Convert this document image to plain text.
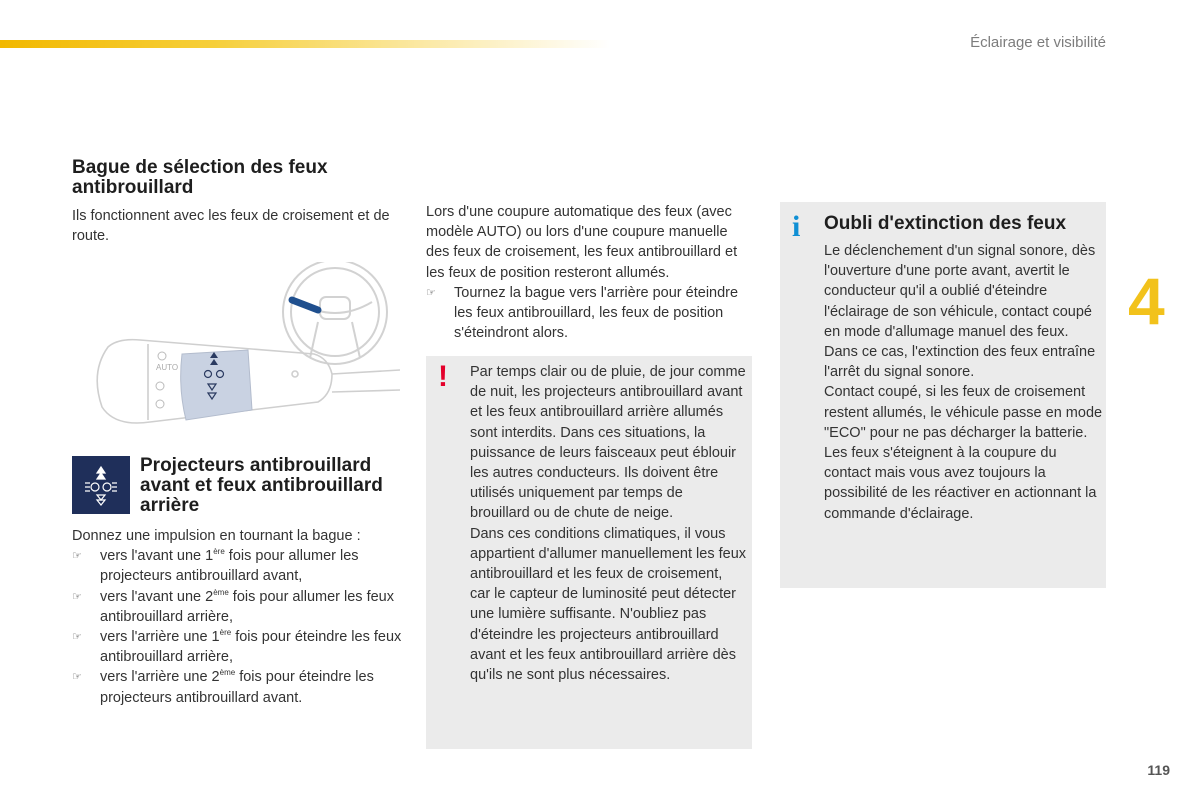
Éclairage et visibilité
4
119
Bague de sélection des feux antibrouillard

Ils fonctionnent avec les feux de croisement et de route.

AUTO
Projecteurs antibrouillard avant et feux antibrouillard arrière

Donnez une impulsion en tournant la bague :

☞ vers l'avant une 1ère fois pour allumer les projecteurs antibrouillard avant,
☞ vers l'avant une 2ème fois pour allumer les feux antibrouillard arrière,
☞ vers l'arrière une 1ère fois pour éteindre les feux antibrouillard arrière,
☞ vers l'arrière une 2ème fois pour éteindre les projecteurs antibrouillard avant.

Lors d'une coupure automatique des feux (avec modèle AUTO) ou lors d'une coupure manuelle des feux de croisement, les feux antibrouillard et les feux de position resteront allumés.

☞ Tournez la bague vers l'arrière pour éteindre les feux antibrouillard, les feux de position s'éteindront alors.
! Par temps clair ou de pluie, de jour comme de nuit, les projecteurs antibrouillard avant et les feux antibrouillard arrière allumés sont interdits. Dans ces situations, la puissance de leurs faisceaux peut éblouir les autres conducteurs. Ils doivent être utilisés uniquement par temps de brouillard ou de chute de neige.

Dans ces conditions climatiques, il vous appartient d'allumer manuellement les feux antibrouillard et les feux de croisement, car le capteur de luminosité peut détecter une lumière suffisante. N'oubliez pas d'éteindre les projecteurs antibrouillard avant et les feux antibrouillard arrière dès qu'ils ne sont plus nécessaires.

i Oubli d'extinction des feux

Le déclenchement d'un signal sonore, dès l'ouverture d'une porte avant, avertit le conducteur qu'il a oublié d'éteindre l'éclairage de son véhicule, contact coupé en mode d'allumage manuel des feux.

Dans ce cas, l'extinction des feux entraîne l'arrêt du signal sonore.

Contact coupé, si les feux de croisement restent allumés, le véhicule passe en mode "ECO" pour ne pas décharger la batterie.

Les feux s'éteignent à la coupure du contact mais vous avez toujours la possibilité de les réactiver en actionnant la commande d'éclairage.
